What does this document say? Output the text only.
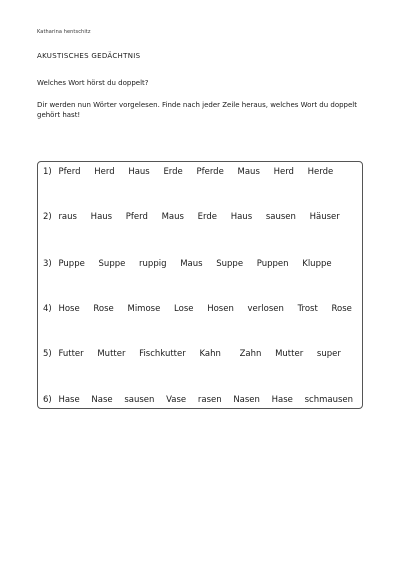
Katharina hentschitz
AKUSTISCHES GEDÄCHTNIS
Welches Wort hörst du doppelt?
Dir werden nun Wörter vorgelesen. Finde nach jeder Zeile heraus, welches Wort du doppelt gehört hast!
1) Pferd Herd Haus Erde Pferde Maus Herd Herde
2) raus Haus Pferd Maus Erde Haus sausen Häuser
3) Puppe Suppe ruppig Maus Suppe Puppen Kluppe
4) Hose Rose Mimose Lose Hosen verlosen Trost Rose
5) Futter Mutter Fischkutter Kahn Zahn Mutter super
6) Hase Nase sausen Vase rasen Nasen Hase schmausen
